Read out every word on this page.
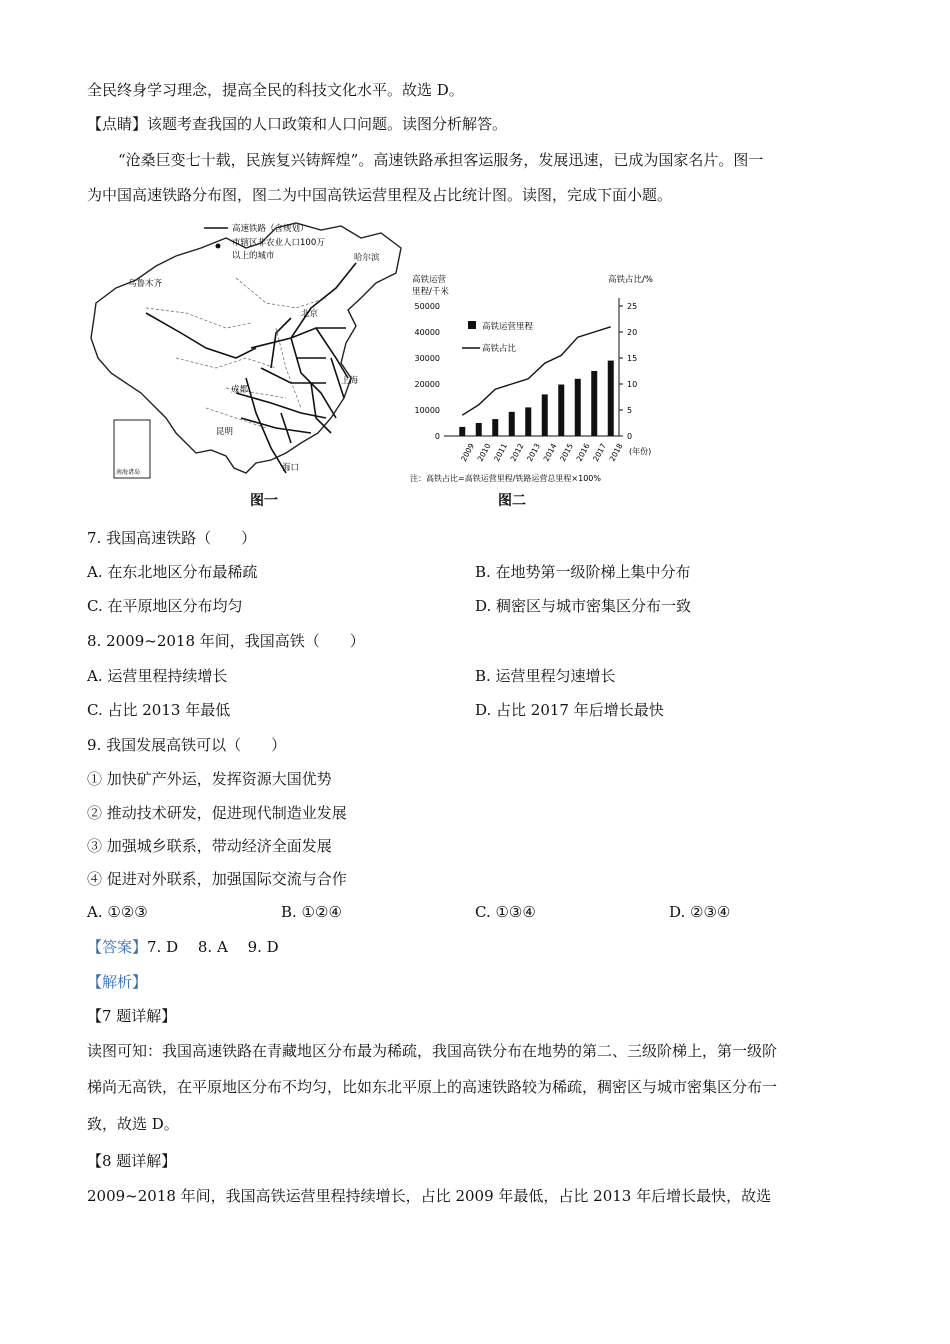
全民终身学习理念，提高全民的科技文化水平。故选 D。
【点睛】该题考查我国的人口政策和人口问题。读图分析解答。
“沧桑巨变七十载，民族复兴铸辉煌”。高速铁路承担客运服务，发展迅速，已成为国家名片。图一
为中国高速铁路分布图，图二为中国高铁运营里程及占比统计图。读图，完成下面小题。
南海诸岛
高速铁路（含规划）
市辖区非农业人口100万
以上的城市
乌鲁木齐
哈尔滨
北京
成都
上海
昆明
海口
图一
高铁运营
里程/千米
高铁占比/%
(年份)
注：高铁占比=高铁运营里程/铁路运营总里程×100%
0
10000
20000
30000
40000
50000
0
5
10
15
20
25
2009 2010 2011 2012 2013 2014 2015 2016 2017 2018
高铁运营里程
高铁占比
图二
7. 我国高速铁路（　　）
A. 在东北地区分布最稀疏	B. 在地势第一级阶梯上集中分布
C. 在平原地区分布均匀	D. 稠密区与城市密集区分布一致
8. 2009~2018 年间，我国高铁（　　）
A. 运营里程持续增长	B. 运营里程匀速增长
C. 占比 2013 年最低	D. 占比 2017 年后增长最快
9. 我国发展高铁可以（　　）
① 加快矿产外运，发挥资源大国优势
② 推动技术研发，促进现代制造业发展
③ 加强城乡联系，带动经济全面发展
④ 促进对外联系，加强国际交流与合作
A. ①②③	B. ①②④	C. ①③④	D. ②③④
【答案】7. D　 8. A　 9. D
【解析】
【7 题详解】
读图可知：我国高速铁路在青藏地区分布最为稀疏，我国高铁分布在地势的第二、三级阶梯上，第一级阶
梯尚无高铁，在平原地区分布不均匀，比如东北平原上的高速铁路较为稀疏，稠密区与城市密集区分布一
致，故选 D。
【8 题详解】
2009~2018 年间，我国高铁运营里程持续增长，占比 2009 年最低，占比 2013 年后增长最快，故选
